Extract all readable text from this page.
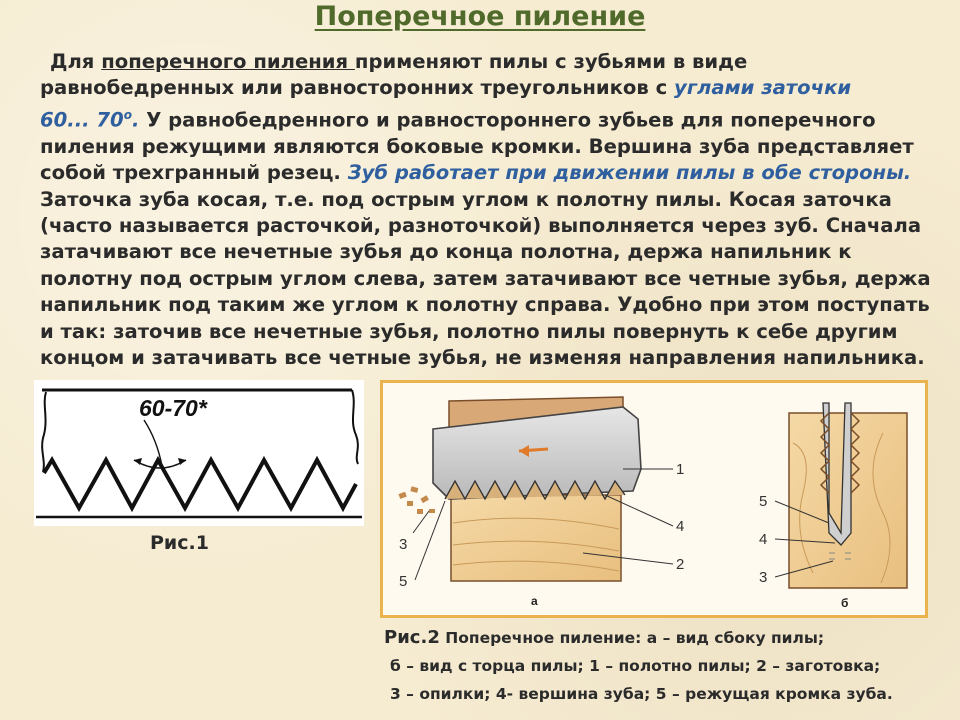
Поперечное пиление
Для поперечного пиления применяют пилы с зубьями в виде
равнобедренных или равносторонних треугольников с углами заточки
60... $70^о$. У равнобедренного и равностороннего зубьев для поперечного
пиления режущими являются боковые кромки. Вершина зуба представляет
собой трехгранный резец. Зуб работает при движении пилы в обе стороны.
Заточка зуба косая, т.е. под острым углом к полотну пилы. Косая заточка
(часто называется расточкой, разноточкой) выполняется через зуб. Сначала
затачивают все нечетные зубья до конца полотна, держа напильник к
полотну под острым углом слева, затем затачивают все четные зубья, держа
напильник под таким же углом к полотну справа. Удобно при этом поступать
и так: заточив все нечетные зубья, полотно пилы повернуть к себе другим
концом и затачивать все четные зубья, не изменяя направления напильника.
60-70*
Рис.1
1
4
2
3
5
а
5
4
3
б
Рис.2 Поперечное пиление: а – вид сбоку пилы;
б – вид с торца пилы; 1 – полотно пилы; 2 – заготовка;
3 – опилки; 4- вершина зуба; 5 – режущая кромка зуба.
